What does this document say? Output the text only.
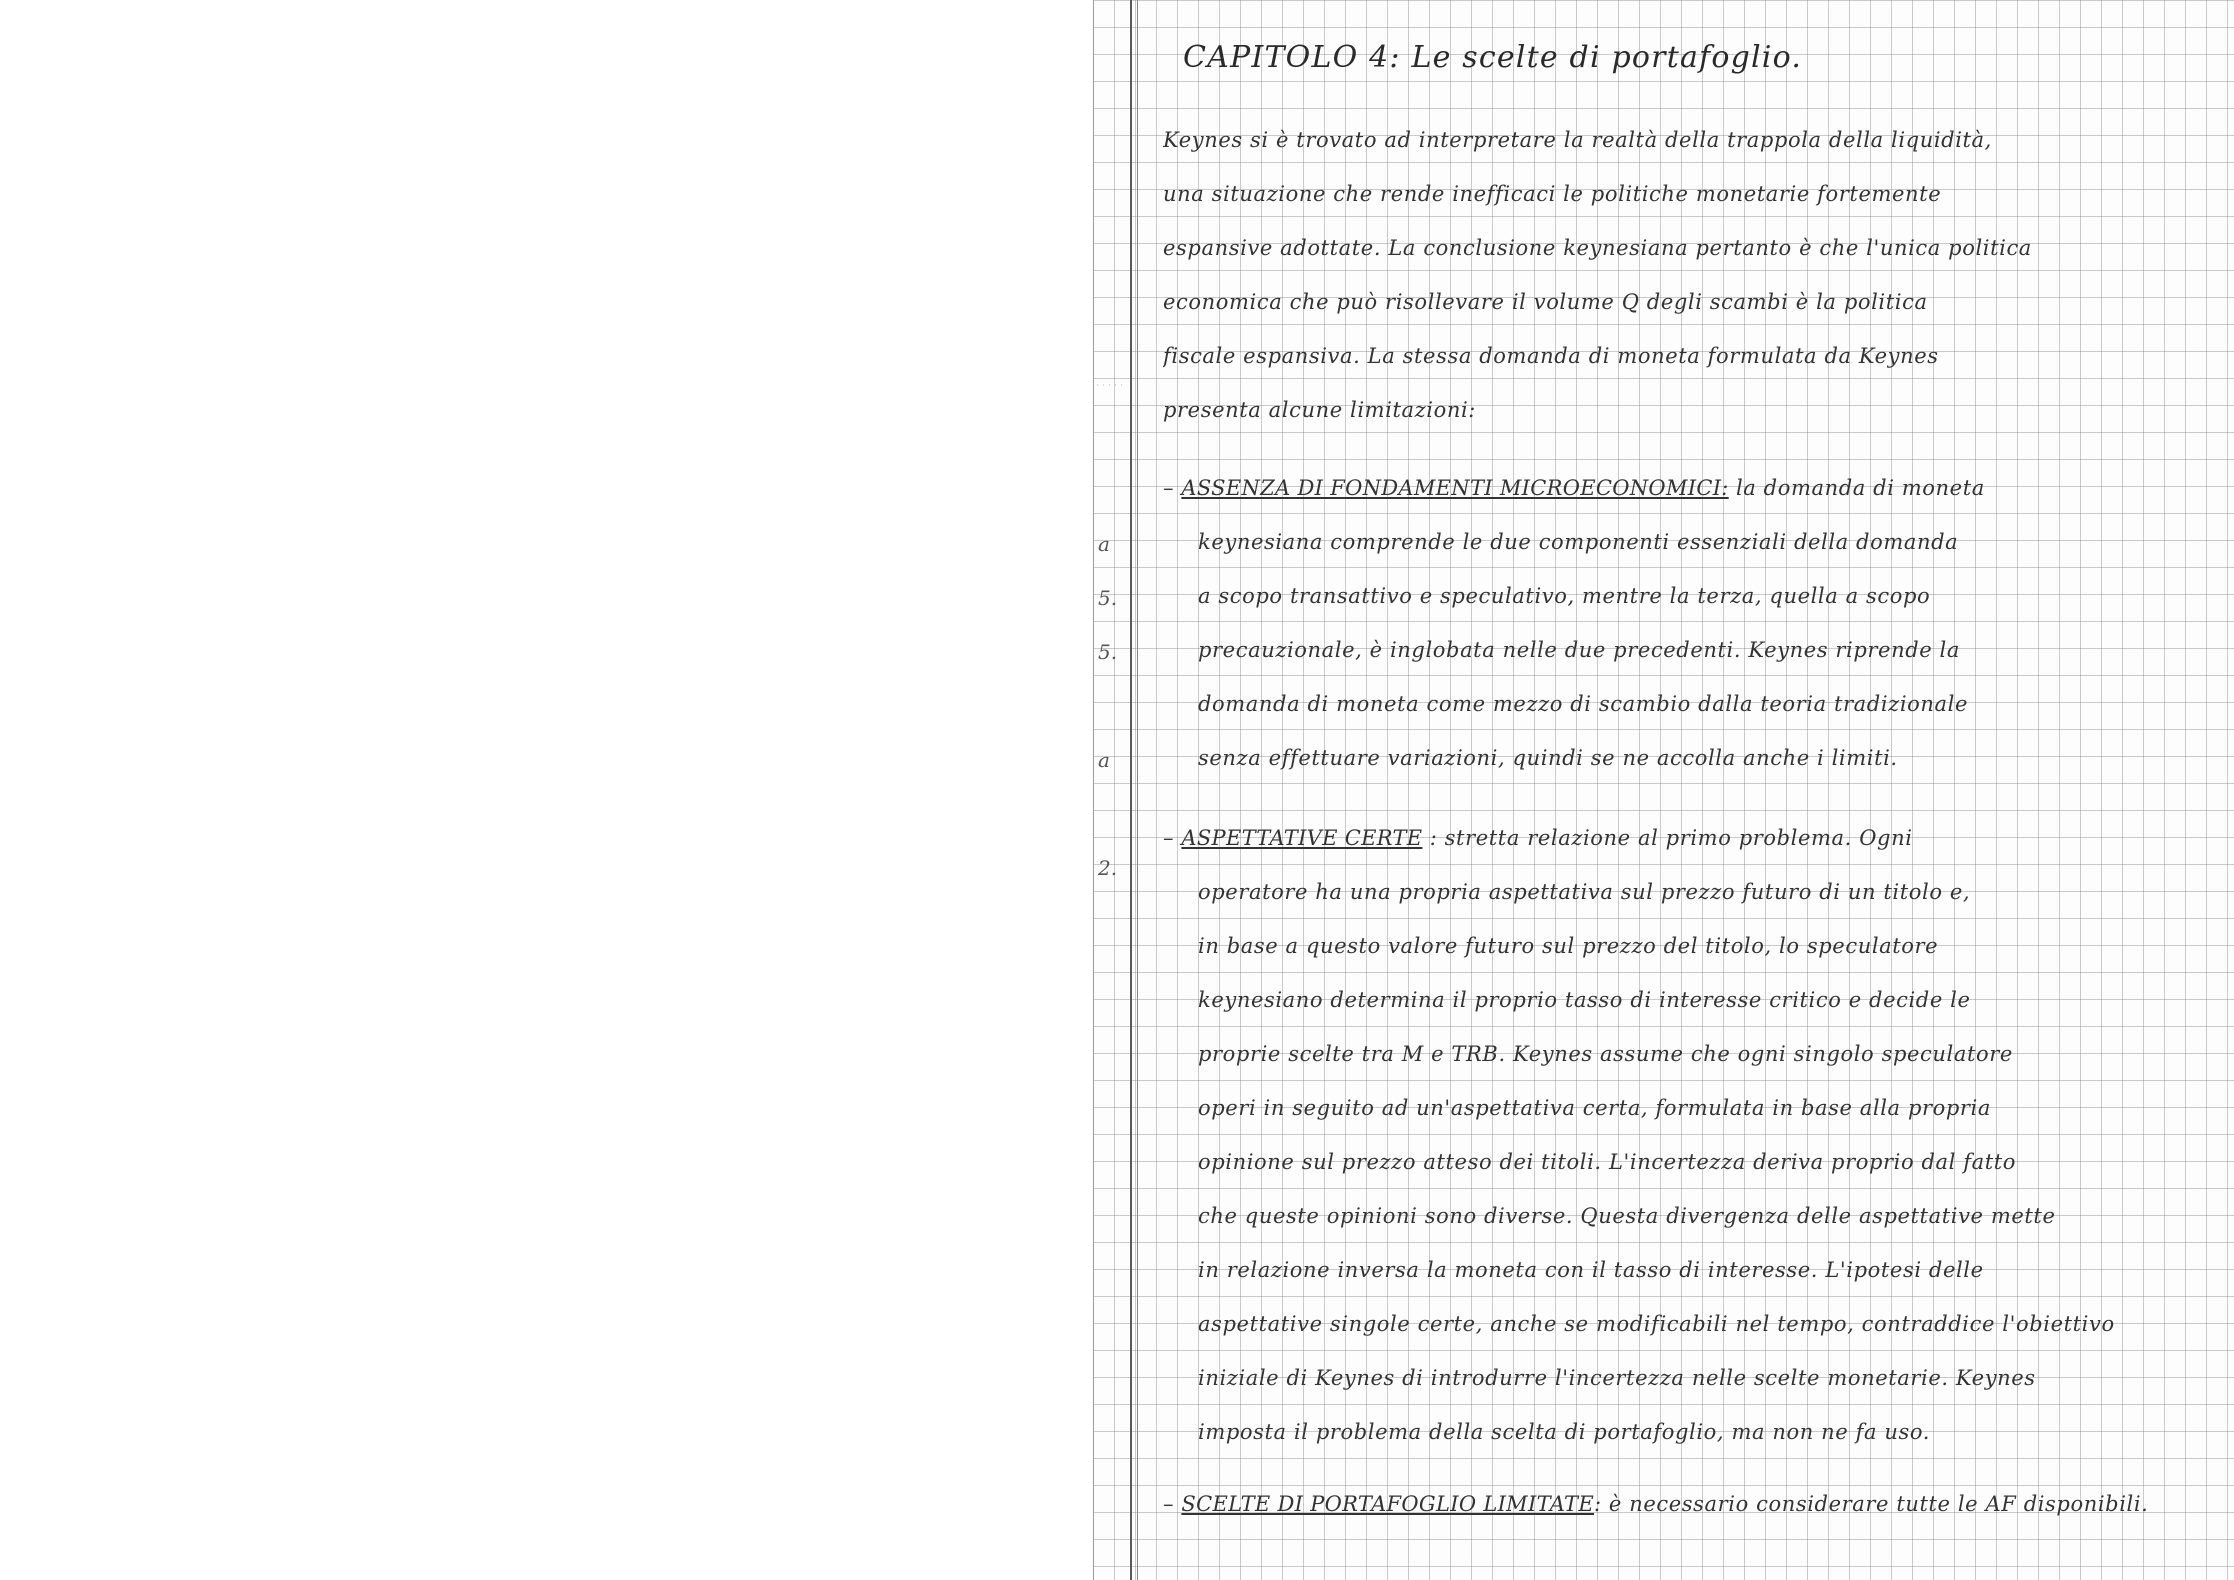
· · · · ·
CAPITOLO 4: Le scelte di portafoglio.
Keynes si è trovato ad interpretare la realtà della trappola della liquidità,
una situazione che rende inefficaci le politiche monetarie fortemente
espansive adottate. La conclusione keynesiana pertanto è che l'unica politica
economica che può risollevare il volume Q degli scambi è la politica
fiscale espansiva. La stessa domanda di moneta formulata da Keynes
presenta alcune limitazioni:
– ASSENZA DI FONDAMENTI MICROECONOMICI: la domanda di moneta
keynesiana comprende le due componenti essenziali della domanda
a scopo transattivo e speculativo, mentre la terza, quella a scopo
precauzionale, è inglobata nelle due precedenti. Keynes riprende la
domanda di moneta come mezzo di scambio dalla teoria tradizionale
senza effettuare variazioni, quindi se ne accolla anche i limiti.
– ASPETTATIVE CERTE : stretta relazione al primo problema. Ogni
operatore ha una propria aspettativa sul prezzo futuro di un titolo e,
in base a questo valore futuro sul prezzo del titolo, lo speculatore
keynesiano determina il proprio tasso di interesse critico e decide le
proprie scelte tra M e TRB. Keynes assume che ogni singolo speculatore
operi in seguito ad un'aspettativa certa, formulata in base alla propria
opinione sul prezzo atteso dei titoli. L'incertezza deriva proprio dal fatto
che queste opinioni sono diverse. Questa divergenza delle aspettative mette
in relazione inversa la moneta con il tasso di interesse. L'ipotesi delle
aspettative singole certe, anche se modificabili nel tempo, contraddice l'obiettivo
iniziale di Keynes di introdurre l'incertezza nelle scelte monetarie. Keynes
imposta il problema della scelta di portafoglio, ma non ne fa uso.
– SCELTE DI PORTAFOGLIO LIMITATE: è necessario considerare tutte le AF disponibili.
a
5.
5.
a
2.
